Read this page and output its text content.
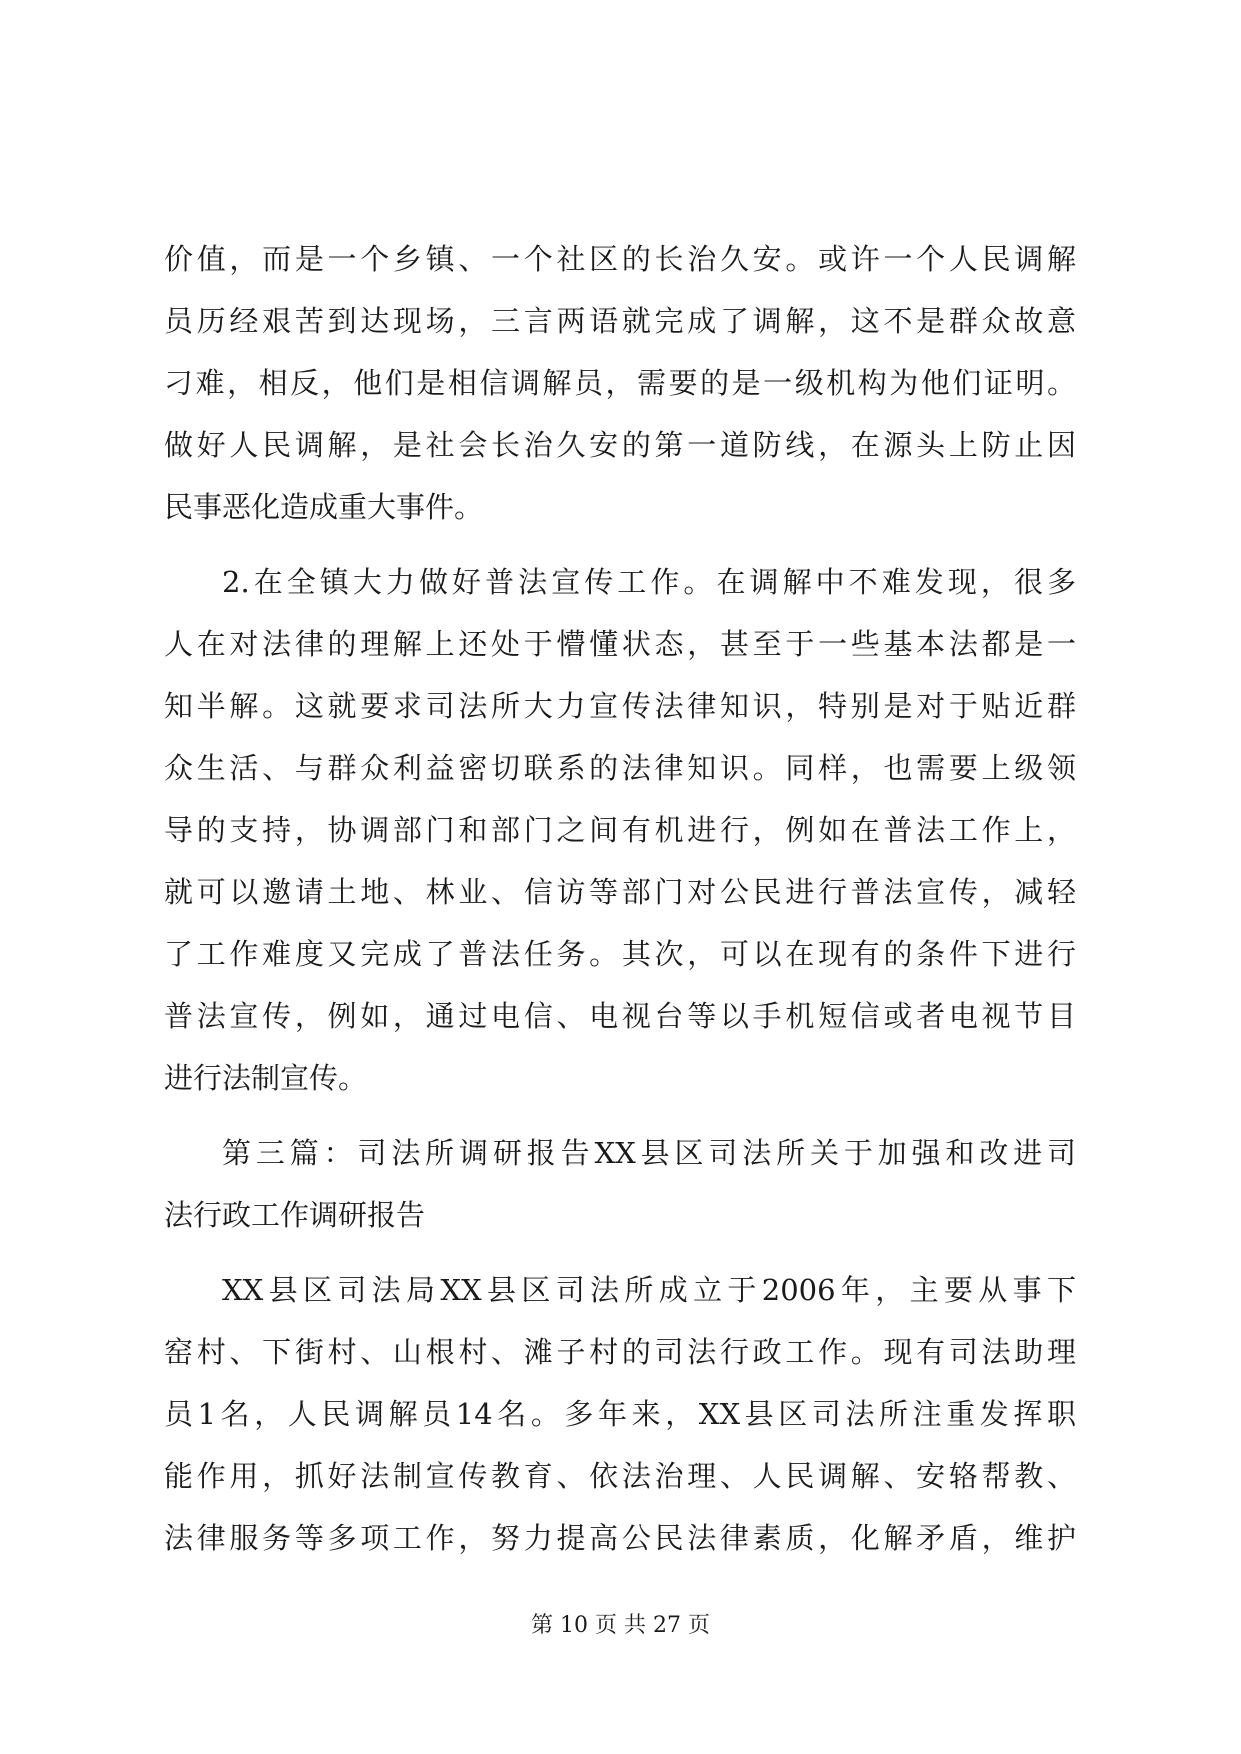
价值，而是一个乡镇、一个社区的长治久安。或许一个人民调解
员历经艰苦到达现场，三言两语就完成了调解，这不是群众故意
刁难，相反，他们是相信调解员，需要的是一级机构为他们证明。
做好人民调解，是社会长治久安的第一道防线，在源头上防止因
民事恶化造成重大事件。
2.在全镇大力做好普法宣传工作。在调解中不难发现，很多
人在对法律的理解上还处于懵懂状态，甚至于一些基本法都是一
知半解。这就要求司法所大力宣传法律知识，特别是对于贴近群
众生活、与群众利益密切联系的法律知识。同样，也需要上级领
导的支持，协调部门和部门之间有机进行，例如在普法工作上，
就可以邀请土地、林业、信访等部门对公民进行普法宣传，减轻
了工作难度又完成了普法任务。其次，可以在现有的条件下进行
普法宣传，例如，通过电信、电视台等以手机短信或者电视节目
进行法制宣传。
第三篇：司法所调研报告XX县区司法所关于加强和改进司
法行政工作调研报告
XX县区司法局XX县区司法所成立于2006年，主要从事下
窑村、下街村、山根村、滩子村的司法行政工作。现有司法助理
员1名，人民调解员14名。多年来，XX县区司法所注重发挥职
能作用，抓好法制宣传教育、依法治理、人民调解、安辂帮教、
法律服务等多项工作，努力提高公民法律素质，化解矛盾，维护
第 10 页 共 27 页
